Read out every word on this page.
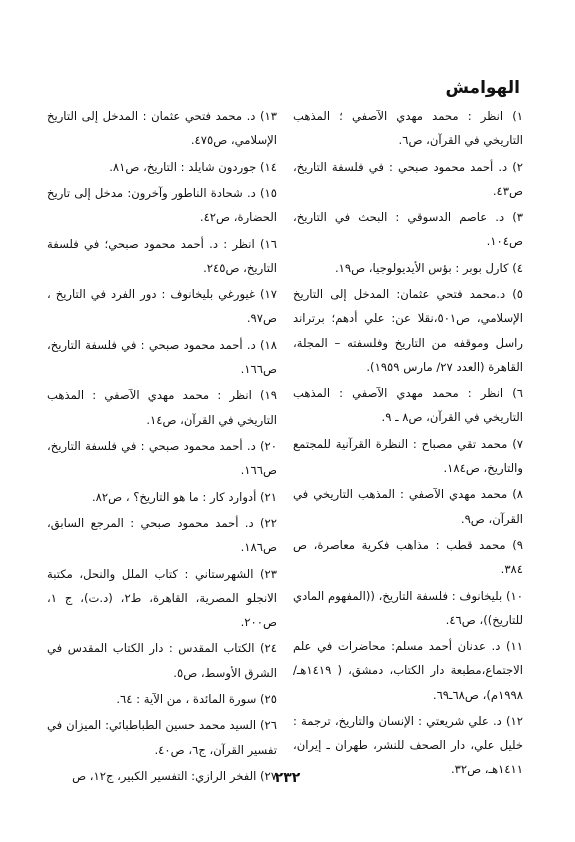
الهوامش

١) انظر : محمد مهدي الآصفي ؛ المذهب التاريخي في القرآن، ص٦.

٢) د. أحمد محمود صبحي : في فلسفة التاريخ، ص٤٣.

٣) د. عاصم الدسوقي : البحث في التاريخ، ص١٠٤.

٤) كارل بوبر : بؤس الأيديولوجيا، ص١٩.

٥) د.محمد فتحي عثمان: المدخل إلى التاريخ الإسلامي، ص٥٠١،نقلا عن: علي أدهم؛ برتراند راسل وموقفه من التاريخ وفلسفته – المجلة، القاهرة (العدد ٢٧/ مارس ١٩٥٩).

٦) انظر : محمد مهدي الآصفي : المذهب التاريخي في القرآن، ص٨ ـ ٩.

٧) محمد تقي مصباح : النظرة القرآنية للمجتمع والتاريخ، ص١٨٤.

٨) محمد مهدي الآصفي : المذهب التاريخي في القرآن، ص٩.

٩) محمد قطب : مذاهب فكرية معاصرة، ص ٣٨٤.

١٠) بليخانوف : فلسفة التاريخ، ((المفهوم المادي للتاريخ))، ص٤٦.

١١) د. عدنان أحمد مسلم: محاضرات في علم الاجتماع،مطبعة دار الكتاب، دمشق، ( ١٤١٩هـ/١٩٩٨م)، ص٦٨ـ٦٩.

١٢) د. علي شريعتي : الإنسان والتاريخ، ترجمة : خليل علي، دار الصحف للنشر، طهران ـ إيران، ١٤١١هـ، ص٣٢.

١٣) د. محمد فتحي عثمان : المدخل إلى التاريخ الإسلامي، ص٤٧٥.

١٤) جوردون شايلد : التاريخ، ص٨١.

١٥) د. شحادة الناطور وآخرون: مدخل إلى تاريخ الحضارة، ص٤٢.

١٦) انظر : د. أحمد محمود صبحي؛ في فلسفة التاريخ، ص٢٤٥.

١٧) غيورغي بليخانوف : دور الفرد في التاريخ ، ص٩٧.

١٨) د. أحمد محمود صبحي : في فلسفة التاريخ، ص١٦٦.

١٩) انظر : محمد مهدي الآصفي : المذهب التاريخي في القرآن، ص١٤.

٢٠) د. أحمد محمود صبحي : في فلسفة التاريخ، ص١٦٦.

٢١) أدوارد كار : ما هو التاريخ؟ ، ص٨٢.

٢٢) د. أحمد محمود صبحي : المرجع السابق، ص١٨٦.

٢٣) الشهرستاني : كتاب الملل والنحل، مكتبة الانجلو المصرية، القاهرة، ط٢، (د.ت)، ج ١، ص٢٠٠.

٢٤) الكتاب المقدس : دار الكتاب المقدس في الشرق الأوسط، ص٥.

٢٥) سورة المائدة ، من الآية : ٦٤.

٢٦) السيد محمد حسين الطباطبائي: الميزان في تفسير القرآن، ج٦، ص٤٠.

٢٧) الفخر الرازي: التفسير الكبير، ج١٢، ص

٢٣٢
